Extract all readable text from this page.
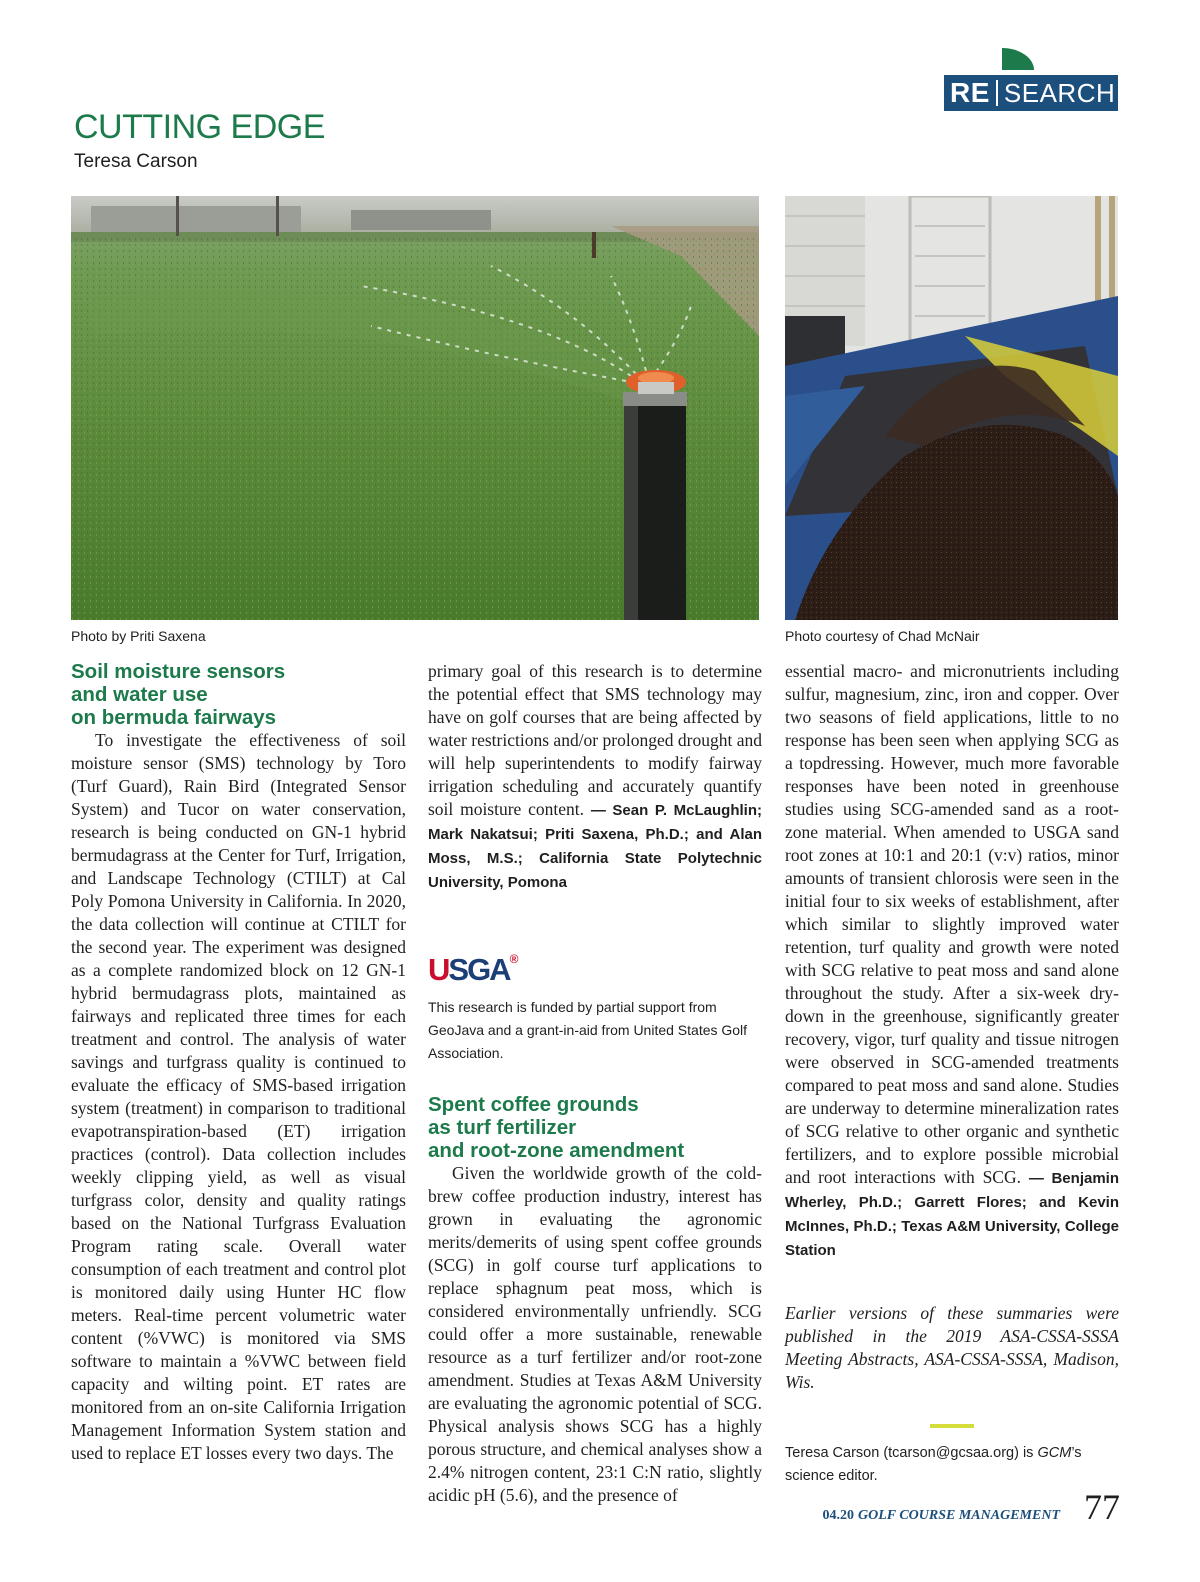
RE SEARCH
CUTTING EDGE
Teresa Carson
Photo by Priti Saxena	Photo courtesy of Chad McNair
Soil moisture sensors
and water use
on bermuda fairways

To investigate the effectiveness of soil moisture sensor (SMS) technology by Toro (Turf Guard), Rain Bird (Integrated Sensor System) and Tucor on water conservation, research is being conducted on GN-1 hybrid bermudagrass at the Center for Turf, Irrigation, and Landscape Technology (CTILT) at Cal Poly Pomona University in California. In 2020, the data collection will continue at CTILT for the second year. The experiment was designed as a complete randomized block on 12 GN-1 hybrid bermudagrass plots, maintained as fairways and replicated three times for each treatment and control. The analysis of water savings and turfgrass quality is continued to evaluate the efficacy of SMS-based irrigation system (treatment) in comparison to traditional evapotranspiration-based (ET) irrigation practices (control). Data collection includes weekly clipping yield, as well as visual turfgrass color, density and quality ratings based on the National Turfgrass Evaluation Program rating scale. Overall water consumption of each treatment and control plot is monitored daily using Hunter HC flow meters. Real-time percent volumetric water content (%VWC) is monitored via SMS software to maintain a %VWC between field capacity and wilting point. ET rates are monitored from an on-site California Irrigation Management Information System station and used to replace ET losses every two days. The

primary goal of this research is to determine the potential effect that SMS technology may have on golf courses that are being affected by water restrictions and/or prolonged drought and will help superintendents to modify fairway irrigation scheduling and accurately quantify soil moisture content. — Sean P. McLaughlin; Mark Nakatsui; Priti Saxena, Ph.D.; and Alan Moss, M.S.; California State Polytechnic University, Pomona

USGA®

This research is funded by partial support from GeoJava and a grant-in-aid from United States Golf Association.

Spent coffee grounds
as turf fertilizer
and root-zone amendment

Given the worldwide growth of the cold-brew coffee production industry, interest has grown in evaluating the agronomic merits/demerits of using spent coffee grounds (SCG) in golf course turf applications to replace sphagnum peat moss, which is considered environmentally unfriendly. SCG could offer a more sustainable, renewable resource as a turf fertilizer and/or root-zone amendment. Studies at Texas A&M University are evaluating the agronomic potential of SCG. Physical analysis shows SCG has a highly porous structure, and chemical analyses show a 2.4% nitrogen content, 23:1 C:N ratio, slightly acidic pH (5.6), and the presence of

essential macro- and micronutrients including sulfur, magnesium, zinc, iron and copper. Over two seasons of field applications, little to no response has been seen when applying SCG as a topdressing. However, much more favorable responses have been noted in greenhouse studies using SCG-amended sand as a root-zone material. When amended to USGA sand root zones at 10:1 and 20:1 (v:v) ratios, minor amounts of transient chlorosis were seen in the initial four to six weeks of establishment, after which similar to slightly improved water retention, turf quality and growth were noted with SCG relative to peat moss and sand alone throughout the study. After a six-week dry-down in the greenhouse, significantly greater recovery, vigor, turf quality and tissue nitrogen were observed in SCG-amended treatments compared to peat moss and sand alone. Studies are underway to determine mineralization rates of SCG relative to other organic and synthetic fertilizers, and to explore possible microbial and root interactions with SCG. — Benjamin Wherley, Ph.D.; Garrett Flores; and Kevin McInnes, Ph.D.; Texas A&M University, College Station

Earlier versions of these summaries were published in the 2019 ASA-CSSA-SSSA Meeting Abstracts, ASA-CSSA-SSSA, Madison, Wis.

Teresa Carson (tcarson@gcsaa.org) is GCM’s science editor.

04.20 GOLF COURSE MANAGEMENT 77
